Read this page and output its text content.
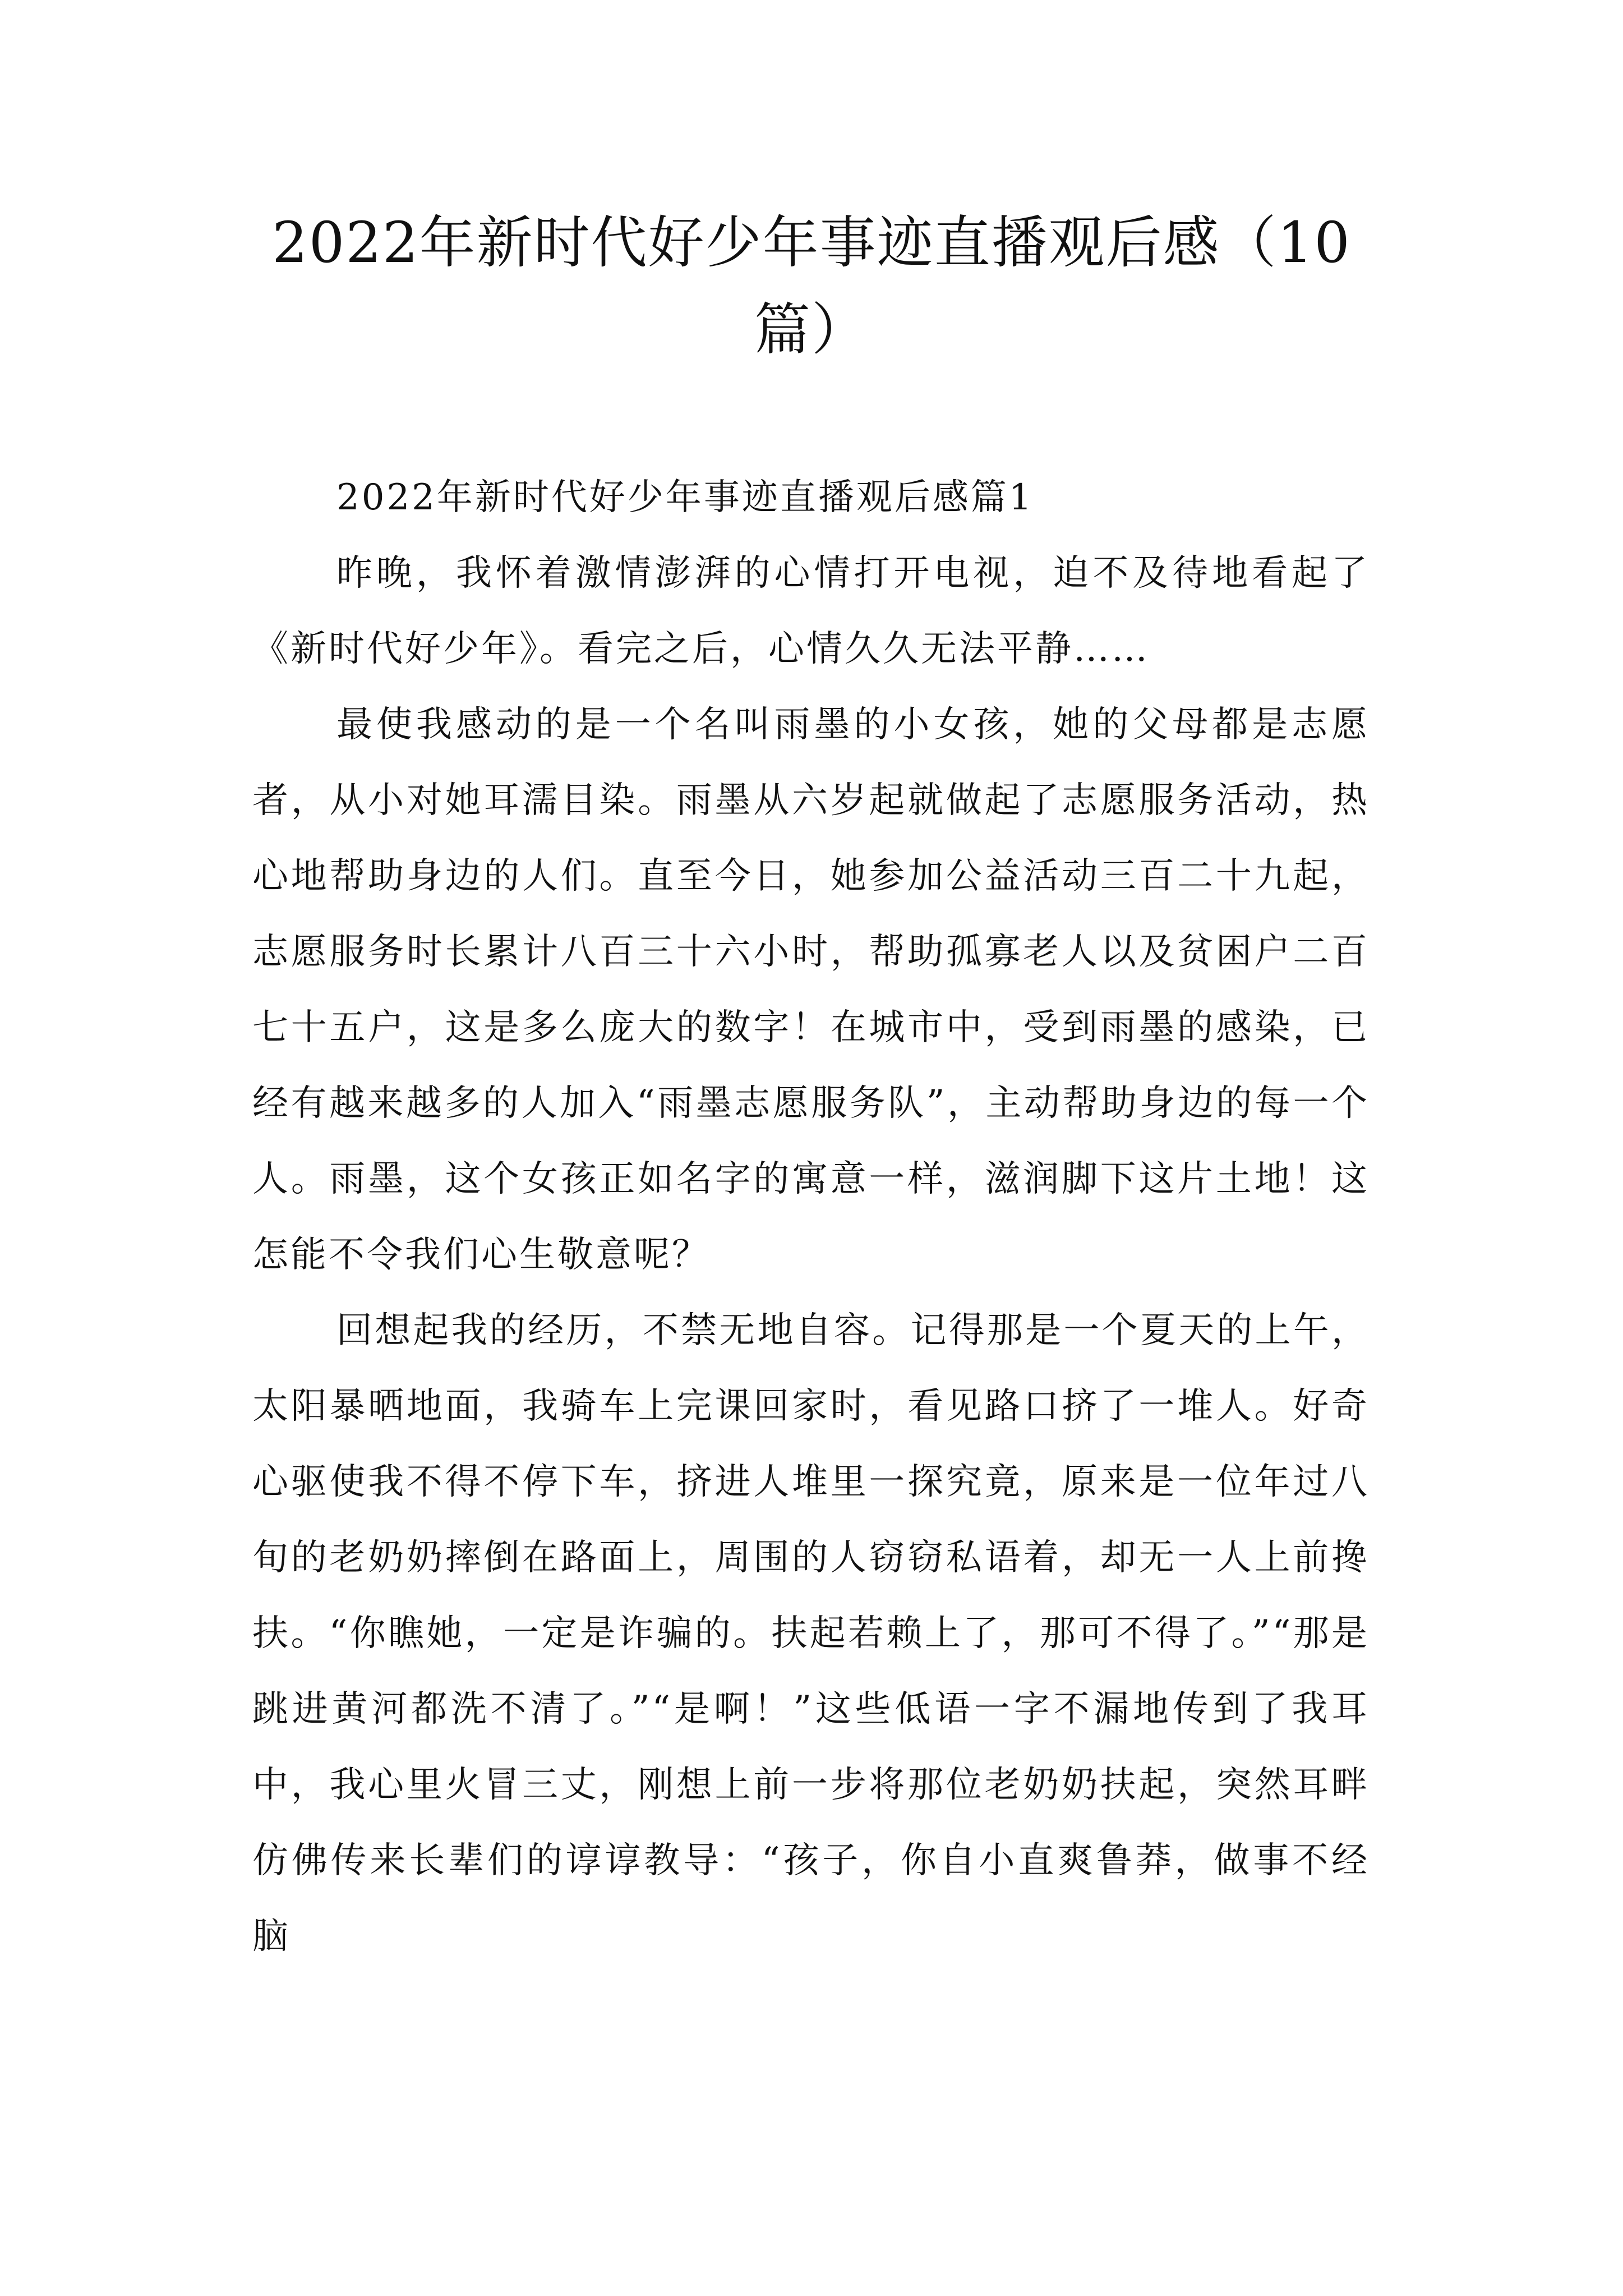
2022年新时代好少年事迹直播观后感（10篇）

2022年新时代好少年事迹直播观后感篇1

昨晚，我怀着激情澎湃的心情打开电视，迫不及待地看起了《新时代好少年》。看完之后，心情久久无法平静……

最使我感动的是一个名叫雨墨的小女孩，她的父母都是志愿者，从小对她耳濡目染。雨墨从六岁起就做起了志愿服务活动，热心地帮助身边的人们。直至今日，她参加公益活动三百二十九起，志愿服务时长累计八百三十六小时，帮助孤寡老人以及贫困户二百七十五户，这是多么庞大的数字！在城市中，受到雨墨的感染，已经有越来越多的人加入“雨墨志愿服务队”，主动帮助身边的每一个人。雨墨，这个女孩正如名字的寓意一样，滋润脚下这片土地！这怎能不令我们心生敬意呢？

回想起我的经历，不禁无地自容。记得那是一个夏天的上午，太阳暴晒地面，我骑车上完课回家时，看见路口挤了一堆人。好奇心驱使我不得不停下车，挤进人堆里一探究竟，原来是一位年过八旬的老奶奶摔倒在路面上，周围的人窃窃私语着，却无一人上前搀扶。“你瞧她，一定是诈骗的。扶起若赖上了，那可不得了。”“那是跳进黄河都洗不清了。”“是啊！”这些低语一字不漏地传到了我耳中，我心里火冒三丈，刚想上前一步将那位老奶奶扶起，突然耳畔仿佛传来长辈们的谆谆教导：“孩子，你自小直爽鲁莽，做事不经脑
